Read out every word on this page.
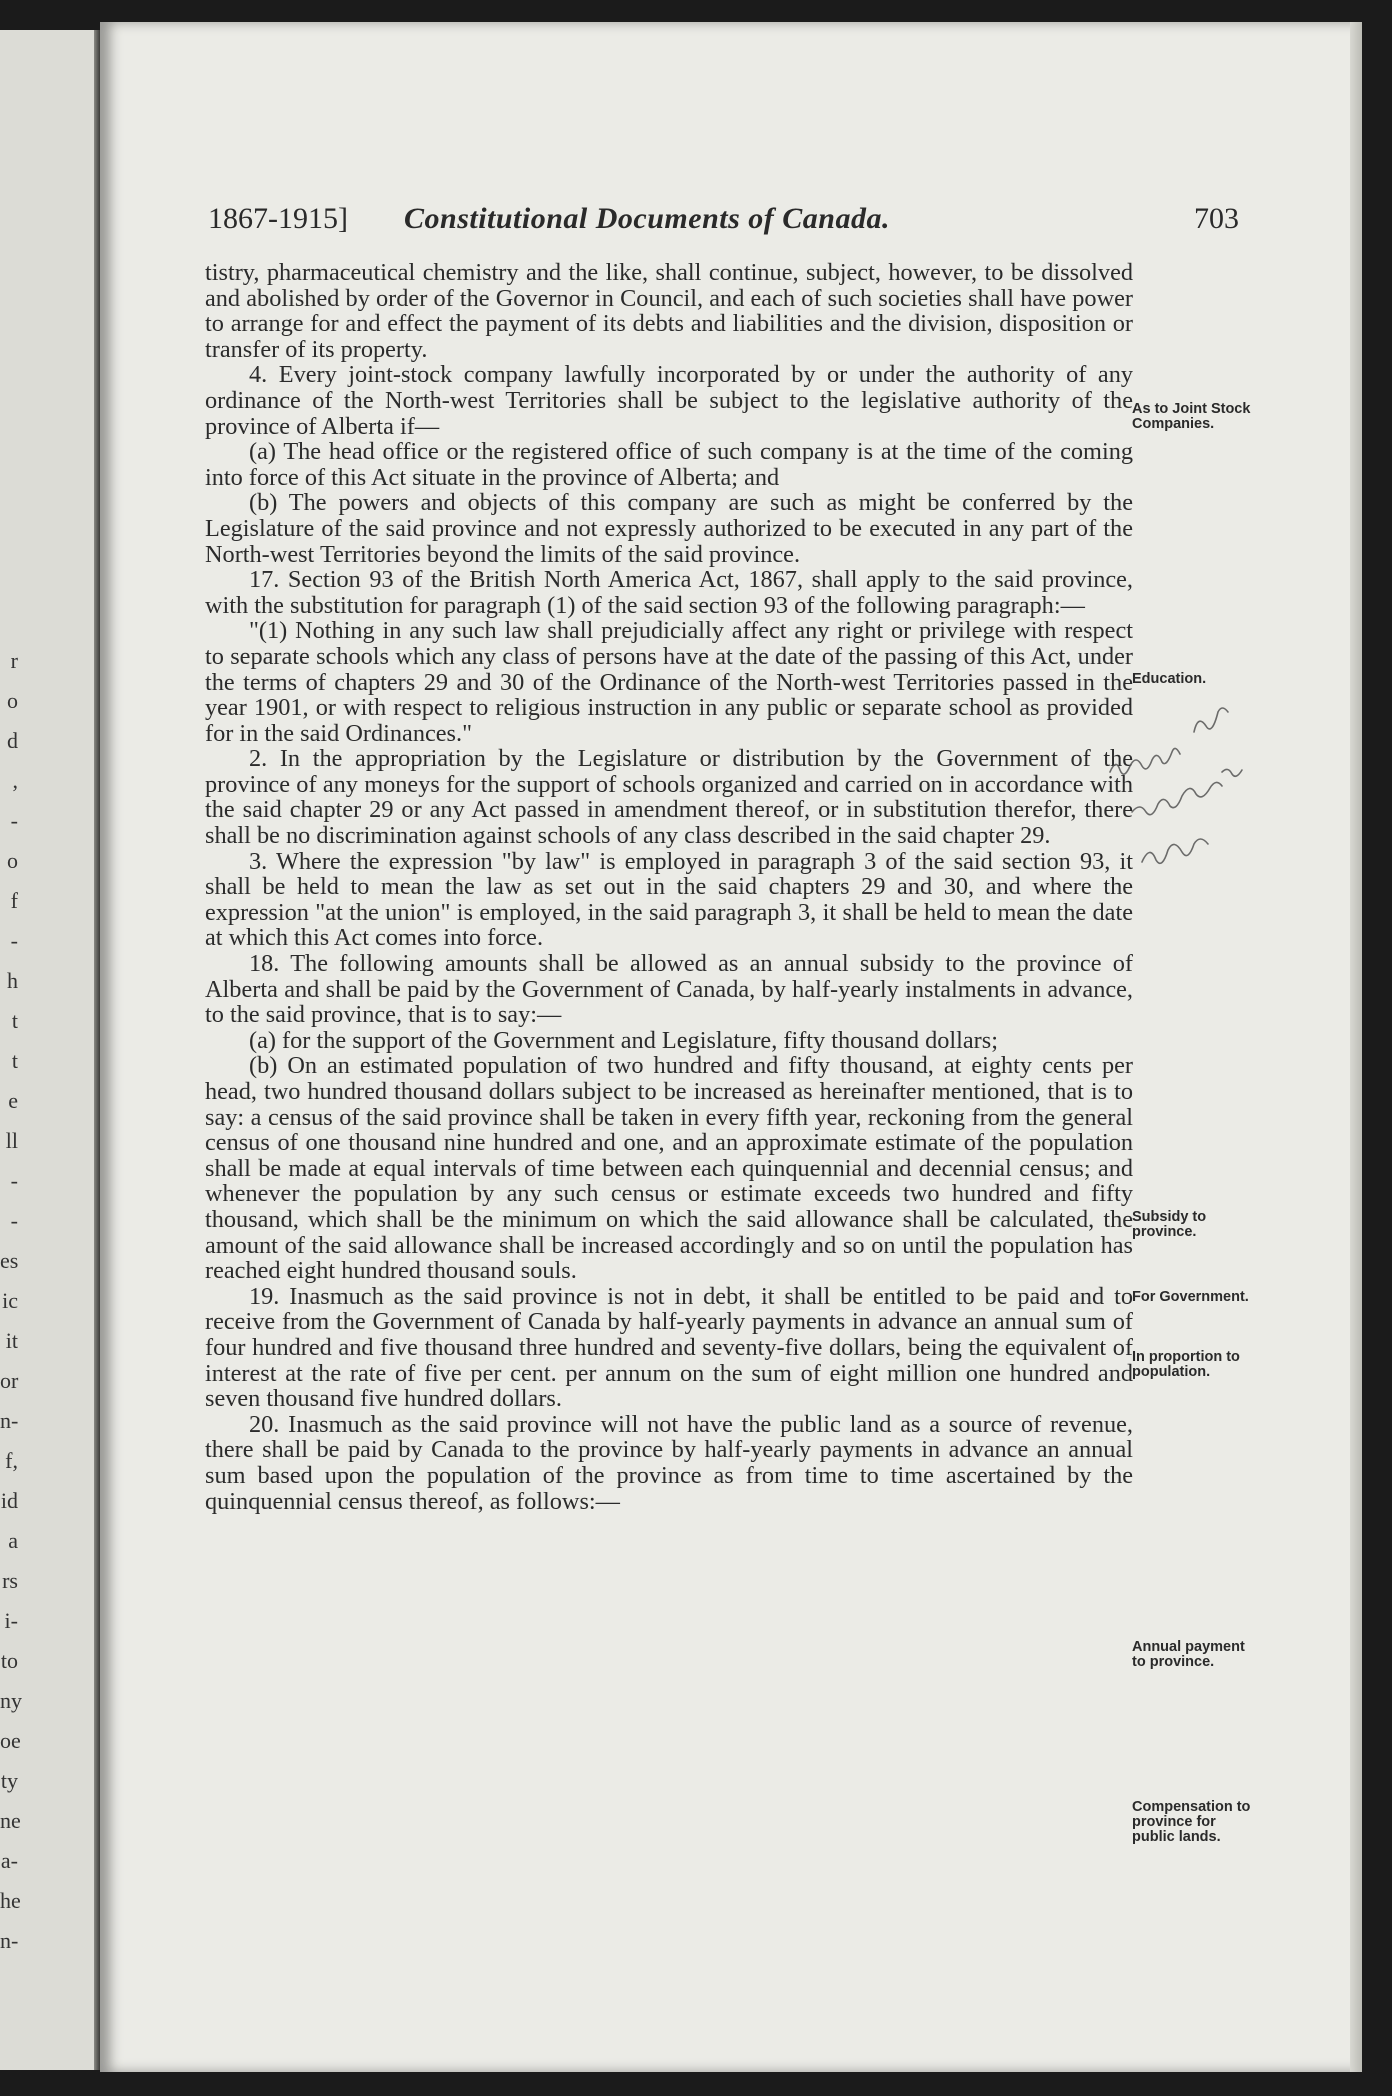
r
o
d
,
-
o
f
-
h
t
t
e
ll
-
-
es
ic
it
or
n-
f,
id
a
rs
i-
to
ny
oe
ty
ne
a-
he
n-
1867-1915] Constitutional Documents of Canada.	703

tistry, pharmaceutical chemistry and the like, shall continue, subject, however, to be dissolved and abolished by order of the Governor in Council, and each of such societies shall have power to arrange for and effect the payment of its debts and liabilities and the division, disposition or transfer of its property.

4. Every joint-stock company lawfully incorporated by or under the authority of any ordinance of the North-west Territories shall be subject to the legislative authority of the province of Alberta if—

(a) The head office or the registered office of such company is at the time of the coming into force of this Act situate in the province of Alberta; and

(b) The powers and objects of this company are such as might be conferred by the Legislature of the said province and not expressly authorized to be executed in any part of the North-west Territories beyond the limits of the said province.

17. Section 93 of the British North America Act, 1867, shall apply to the said province, with the substitution for paragraph (1) of the said section 93 of the following paragraph:—

"(1) Nothing in any such law shall prejudicially affect any right or privilege with respect to separate schools which any class of persons have at the date of the passing of this Act, under the terms of chapters 29 and 30 of the Ordinance of the North-west Territories passed in the year 1901, or with respect to religious instruction in any public or separate school as provided for in the said Ordinances."

2. In the appropriation by the Legislature or distribution by the Government of the province of any moneys for the support of schools organized and carried on in accordance with the said chapter 29 or any Act passed in amendment thereof, or in substitution therefor, there shall be no discrimination against schools of any class described in the said chapter 29.

3. Where the expression "by law" is employed in paragraph 3 of the said section 93, it shall be held to mean the law as set out in the said chapters 29 and 30, and where the expression "at the union" is employed, in the said paragraph 3, it shall be held to mean the date at which this Act comes into force.

18. The following amounts shall be allowed as an annual subsidy to the province of Alberta and shall be paid by the Government of Canada, by half-yearly instalments in advance, to the said province, that is to say:—

(a) for the support of the Government and Legislature, fifty thousand dollars;

(b) On an estimated population of two hundred and fifty thousand, at eighty cents per head, two hundred thousand dollars subject to be increased as hereinafter mentioned, that is to say: a census of the said province shall be taken in every fifth year, reckoning from the general census of one thousand nine hundred and one, and an approximate estimate of the population shall be made at equal intervals of time between each quinquennial and decennial census; and whenever the population by any such census or estimate exceeds two hundred and fifty thousand, which shall be the minimum on which the said allowance shall be calculated, the amount of the said allowance shall be increased accordingly and so on until the population has reached eight hundred thousand souls.

19. Inasmuch as the said province is not in debt, it shall be entitled to be paid and to receive from the Government of Canada by half-yearly payments in advance an annual sum of four hundred and five thousand three hundred and seventy-five dollars, being the equivalent of interest at the rate of five per cent. per annum on the sum of eight million one hundred and seven thousand five hundred dollars.

20. Inasmuch as the said province will not have the public land as a source of revenue, there shall be paid by Canada to the province by half-yearly payments in advance an annual sum based upon the population of the province as from time to time ascertained by the quinquennial census thereof, as follows:—

As to Joint Stock Companies.
Education.
Subsidy to province.
For Government.
In proportion to population.
Annual payment to province.
Compensation to province for public lands.
